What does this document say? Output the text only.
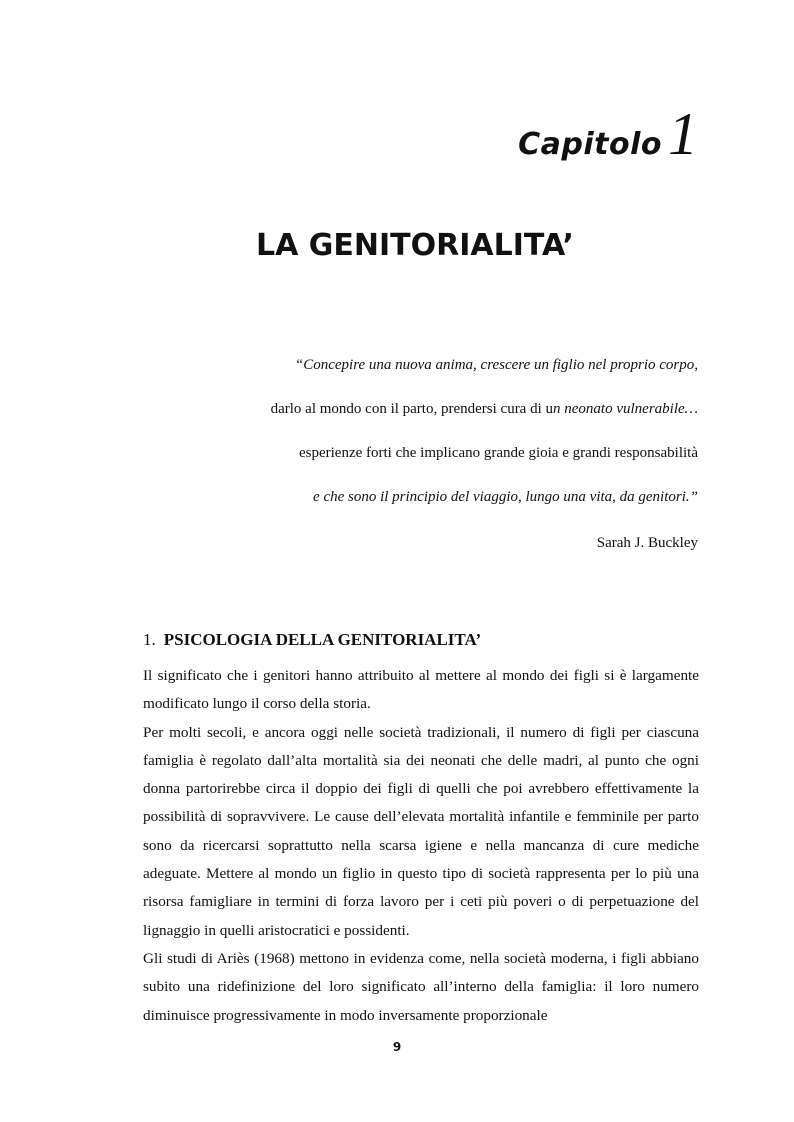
Capitolo 1
LA GENITORIALITA’
“Concepire una nuova anima, crescere un figlio nel proprio corpo,
darlo al mondo con il parto, prendersi cura di un neonato vulnerabile…
esperienze forti che implicano grande gioia e grandi responsabilità
e che sono il principio del viaggio, lungo una vita, da genitori.”
Sarah J. Buckley
1. PSICOLOGIA DELLA GENITORIALITA’

Il significato che i genitori hanno attribuito al mettere al mondo dei figli si è largamente modificato lungo il corso della storia.

Per molti secoli, e ancora oggi nelle società tradizionali, il numero di figli per ciascuna famiglia è regolato dall’alta mortalità sia dei neonati che delle madri, al punto che ogni donna partorirebbe circa il doppio dei figli di quelli che poi avrebbero effettivamente la possibilità di sopravvivere. Le cause dell’elevata mortalità infantile e femminile per parto sono da ricercarsi soprattutto nella scarsa igiene e nella mancanza di cure mediche adeguate. Mettere al mondo un figlio in questo tipo di società rappresenta per lo più una risorsa famigliare in termini di forza lavoro per i ceti più poveri o di perpetuazione del lignaggio in quelli aristocratici e possidenti.

Gli studi di Ariès (1968) mettono in evidenza come, nella società moderna, i figli abbiano subito una ridefinizione del loro significato all’interno della famiglia: il loro numero diminuisce progressivamente in modo inversamente proporzionale

9
